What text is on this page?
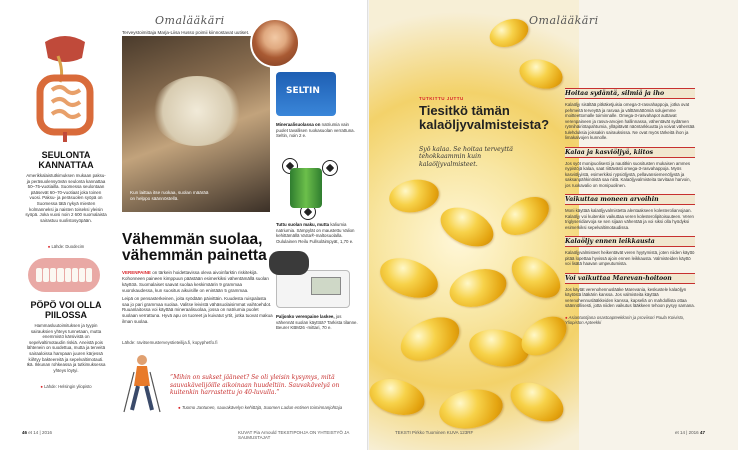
Omalääkäri
Terveystoimittaja Marja-Liisa Husso poimii kiinnostavat uutiset.
SEULONTA KANNATTAA
Amerikkalaistutkimuksen mukaan paksu- ja peräsuolensyövän seulonta kannattaa 50–75-vuotiailla. Suomessa seulontaan pääsevät 60–70-vuotiaat joka toinen vuosi. Paksu- ja peräsuolen syöpä on Suomessa tätä nykyä miesten kolmanneksi ja naisten toiseksi yleisin syöpä. Joka vuosi noin 2 600 suomalaista sairastuu suolistosyöpään.
● Lähde: Duodecim
PÖPÖ VOI OLLA PIILOSSA
Hammasluutoimituksen ja tyypin sairauksien yhteys tunnetaan, mutta enemmistö kärsivistä on sepelvaltimotaudin riskiä. Aneistä pois lähtenein on suodettua, mutta ja terveitä sairaaloissa hampaan juuren kärjessä kiihtyy bakteereitä ja sepelvaltimotauti. Ikä. Ikkunan rohkeassa ja tutkimuksessa yhteys löytyi.
● Lähde: Helsingin yliopisto
Kun laittaa itse ruokaa, suolan määrää on helppo säännöstellä.
Vähemmän suolaa, vähemmän painetta

VERENPAINE on tärkein hoidettavissa oleva aivoinfarktin riskitekijä. Kohonneen paineen kimppuun päästään esimerkiksi vähentämällä suolan käyttöä. Suomalaiset saavat suolaa keskimäärin 9 grammaa vuorokaudessa, kun suositus aikuisille on enintään 5 grammaa.

Leipä on pensasterkeinen, joita syödään päivittäin. Kuudesta ruispalasta saa jo pari grammaa suolaa. Valitse leivistä vähäsuolaisimmat vaihtoehdot. Ruuanlaitossa voi käyttää mineraalisuolaa, jossa on natriumia puolet suolaan verrattuna. Hyvä apu on tuoreet ja kuivatut yrtit, jotka tuovat makua ilman suolaa.

Lähde: ravitsemusterveystieteilija.fi, kopyphetfo.fi
SELTIN
Mineraalisuolassa on natriumia vain puolet tavallisen ruokasuolan verrattuna. Seltin, noin 2 e.
Tuttu suolan maku, mutta kaliumia natriumia. Sämpylät on maustettu Valion kehittämällä VaSa®-maltosuolalla. Oululainen Reilu Fullsoläimpyät, 1,70 e.
Paljonko verenpaine laskee, jos vähennät suolan käyttöä? Tarkista tilanne. Beurer KBM26 -mittari, 70 e.
”Mihin on sukset jääneet? Se oli yleisin kysymys, mitä sauvakävelijöille aikoinaan huudeltiin. Sauvakävelyä on kuitenkin harrastettu jo 40-luvulla.”
● Tuomo Jantunen, sauvakävelyn kehittäjä, Suomen Ladun entinen toiminnanjohtaja
46 et 14 | 2016	KUVAT Pia Arnould TEKSTIPOHJA ON YHTEISTYÖ JA SAUMUSTAJAT
Omalääkäri
TUTKITTU JUTTU
Tiesitkö tämän kalaöljyvalmisteista?
Syö kalaa. Se hoitaa terveyttä tehokkaammin kuin kalaöljyvalmisteet.
Hoitaa sydäntä, silmiä ja iho
Kalaöljy sisältää pitkäketjuisia omega-3-rasvahappoja, jotka ovat pehmeitä terveyttä ja rasvaa ja välttämättömiä solujemme moitteettomalle toiminnalle. Omega-3-rasvahapot auttavat verenpaineen ja rasva-arvojen hallinnassa, vähentävät sydämen rytmihäiriötapahtumia, ylläpitävät näöntarkkuutta ja voivat vähentää tulehduksia joissakin sairauksissa. Ne ovat myös tärkeitä ihon ja limakalvojen kunnolle.
Kalaa ja kasviöljyä, kiitos
Jos syöt monipuolisesti ja nautitkin suositusten mukaisen ammes nypistöjä kalaa, saat riittävästi omega-3-rasvahappoja. Myös kasviöljyistä, esimerkiksi rypsiöljystä, pellavansiemenöljystä ja saksanpähkinöistä saa niitä. Kalaöljyvalmisteita tarvitaan harvoin, jos ruokavalio on monipuolinen.
Vaikuttaa moneen arvoihin
Moni käyttää kalaöljyvalmistetta alentaakseen kolesteroliarvojaan. Kalaöljy voi kuitenkin vaikuttaa veren kolesterolipitoisuuteen. Veren triglyseridiarvoja se sen sijaan vähentää ja voi siksi olla hyödyksi esimerkiksi sepelvaltimotaudissa.
Kalaöljy ennen leikkausta
Kalaöljyvalmisteet heikentävät veren hyytymistä, joten niiden käyttö pitää lopettaa hyvissä ajoin ennen leikkausta. Valmisteiden käyttö voi lisätä haavan umpeutumista.
Voi vaikuttaa Marevan-hoitoon
Jos käytät verenohennuslääke Marevania, keskustele kalaöljyn käytöstä lääkärin kanssa. Jos valmisteita käyttää verenohennuslääkkeiden kanssa, kapseliä on mahdollista ottaa säännöllisesti, jotta niiden vaikutus lääkkeen tehoon pysyy samana.
● Asiantuntijana osastoapteekkarin ja proviisori Paula Koivisto, Yliopiston Apteekki
TEKSTI Pirkko Tuominen KUVA 123RF	et 14 | 2016 47
